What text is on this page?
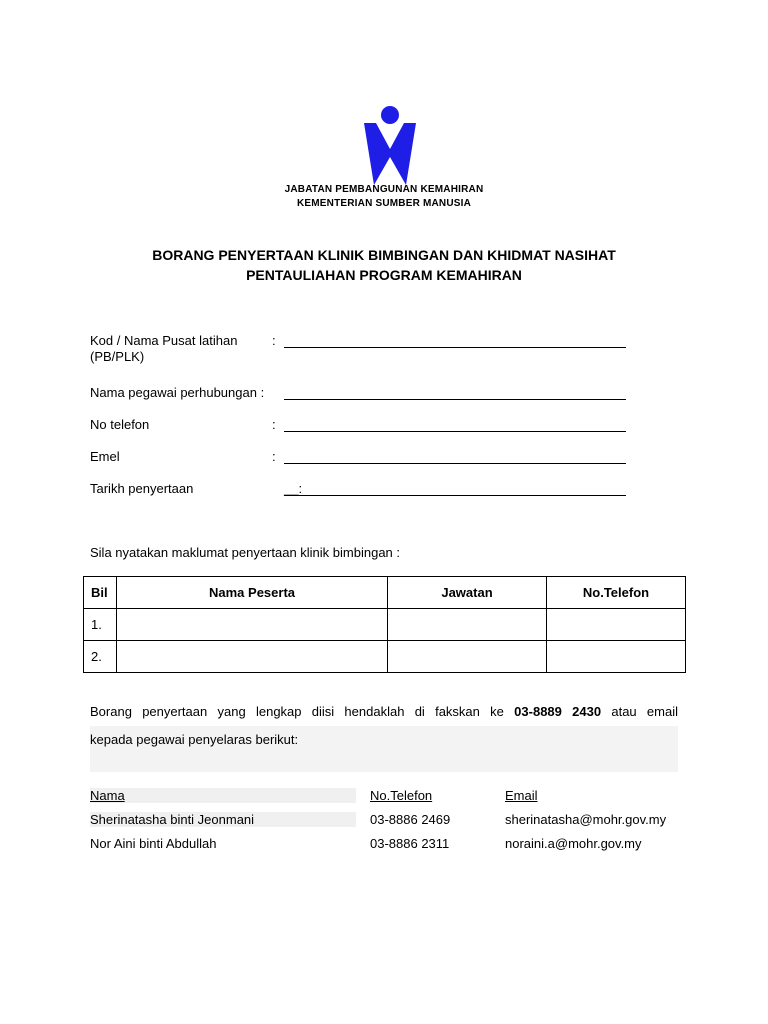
JABATAN PEMBANGUNAN KEMAHIRAN
KEMENTERIAN SUMBER MANUSIA
BORANG PENYERTAAN KLINIK BIMBINGAN DAN KHIDMAT NASIHAT
PENTAULIAHAN PROGRAM KEMAHIRAN
Kod / Nama Pusat latihan
(PB/PLK)
:
Nama pegawai perhubungan :
No telefon	:
Emel	:
Tarikh penyertaan	__:
Sila nyatakan maklumat penyertaan klinik bimbingan :
Bil	Nama Peserta	Jawatan	No.Telefon
1.			
2.			
Borang penyertaan yang lengkap diisi hendaklah di fakskan ke 03-8889 2430 atau email
kepada pegawai penyelaras berikut:
Nama	No.Telefon	Email
Sherinatasha binti Jeonmani	03-8886 2469	sherinatasha@mohr.gov.my
Nor Aini binti Abdullah	03-8886 2311	noraini.a@mohr.gov.my
